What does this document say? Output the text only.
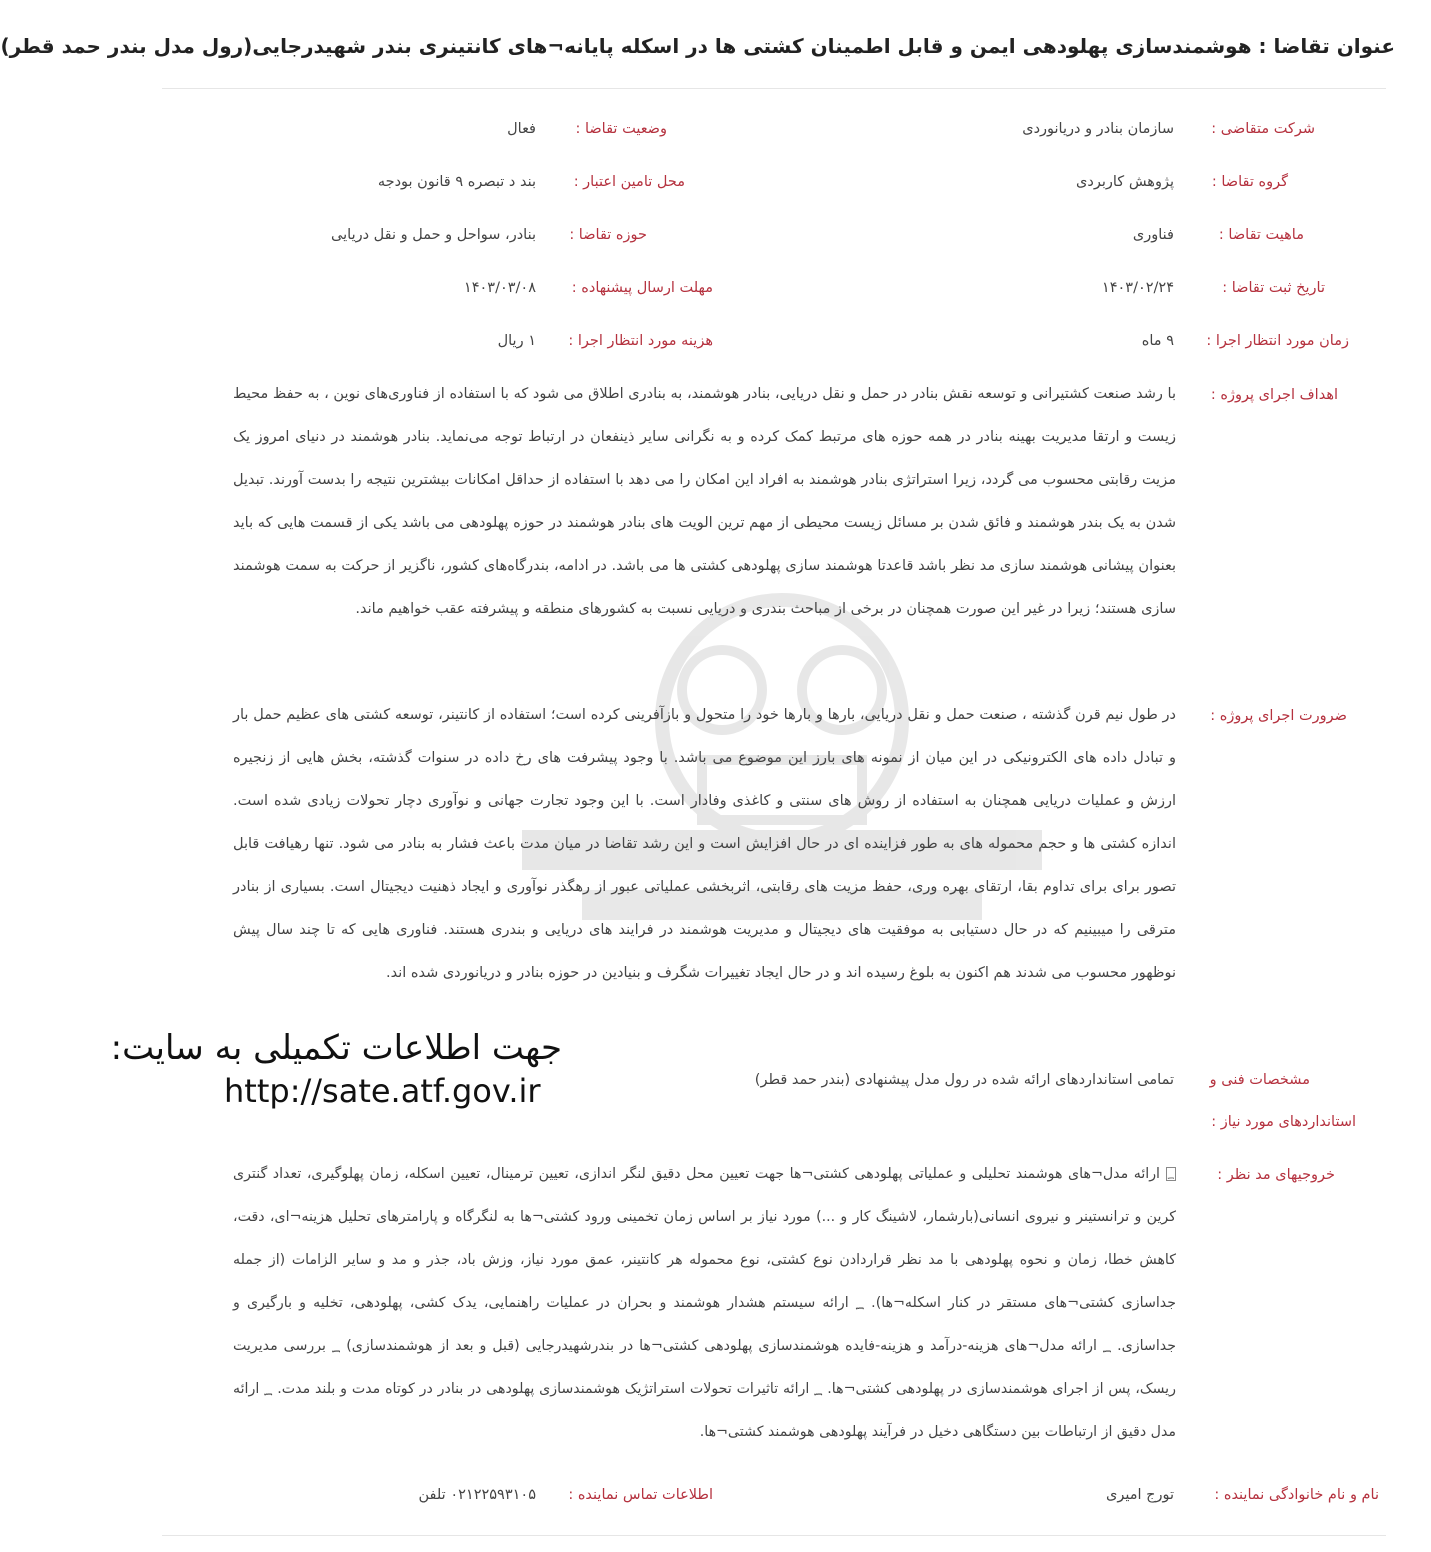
عنوان تقاضا : هوشمندسازی پهلودهی ایمن و قابل اطمینان کشتی ها در اسکله پایانه¬های کانتینری بندر شهیدرجایی(رول مدل بندر حمد قطر)
شرکت متقاضی :
سازمان بنادر و دریانوردی
وضعیت تقاضا :
فعال
گروه تقاضا :
پژوهش کاربردی
محل تامین اعتبار :
بند د تبصره ۹ قانون بودجه
ماهیت تقاضا :
فناوری
حوزه تقاضا :
بنادر، سواحل و حمل و نقل دریایی
تاریخ ثبت تقاضا :
۱۴۰۳/۰۲/۲۴
مهلت ارسال پیشنهاده :
۱۴۰۳/۰۳/۰۸
زمان مورد انتظار اجرا :
۹ ماه
هزینه مورد انتظار اجرا :
۱ ریال
اهداف اجرای پروژه :
با رشد صنعت کشتیرانی و توسعه نقش بنادر در حمل و نقل دریایی، بنادر هوشمند، به بنادری اطلاق می شود که با استفاده از فناوری‌های نوین ، به حفظ محیط زیست و ارتقا مدیریت بهینه بنادر در همه حوزه های مرتبط کمک کرده و به نگرانی سایر ذینفعان در ارتباط توجه می‌نماید. بنادر هوشمند در دنیای امروز یک مزیت رقابتی محسوب می گردد، زیرا استراتژی بنادر هوشمند به افراد این امکان را می دهد با استفاده از حداقل امکانات بیشترین نتیجه را بدست آورند. تبدیل شدن به یک بندر هوشمند و فائق شدن بر مسائل زیست محیطی از مهم ترین الویت های بنادر هوشمند در حوزه پهلودهی می باشد یکی از قسمت هایی که باید بعنوان پیشانی هوشمند سازی مد نظر باشد قاعدتا هوشمند سازی پهلودهی کشتی ها می باشد. در ادامه، بندرگاه‌های کشور، ناگزیر از حرکت به سمت هوشمند سازی هستند؛ زیرا در غیر این صورت همچنان در برخی از مباحث بندری و دریایی نسبت به کشورهای منطقه و پیشرفته عقب خواهیم ماند.
ضرورت اجرای پروژه :
در طول نیم قرن گذشته ، صنعت حمل و نقل دریایی، بارها و بارها خود را متحول و بازآفرینی کرده است؛ استفاده از کانتینر، توسعه کشتی های عظیم حمل بار و تبادل داده های الکترونیکی در این میان از نمونه های بارز این موضوع می باشد. با وجود پیشرفت های رخ داده در سنوات گذشته، بخش هایی از زنجیره ارزش و عملیات دریایی همچنان به استفاده از روش های سنتی و کاغذی وفادار است. با این وجود تجارت جهانی و نوآوری دچار تحولات زیادی شده است. اندازه کشتی ها و حجم محموله های به طور فزاینده ای در حال افزایش است و این رشد تقاضا در میان مدت باعث فشار به بنادر می شود. تنها رهیافت قابل تصور برای برای تداوم بقا، ارتقای بهره وری، حفظ مزیت های رقابتی، اثربخشی عملیاتی عبور از رهگذر نوآوری و ایجاد ذهنیت دیجیتال است. بسیاری از بنادر مترقی را میبینیم که در حال دستیابی به موفقیت های دیجیتال و مدیریت هوشمند در فرایند های دریایی و بندری هستند. فناوری هایی که تا چند سال پیش نوظهور محسوب می شدند هم اکنون به بلوغ رسیده اند و در حال ایجاد تغییرات شگرف و بنیادین در حوزه بنادر و دریانوردی شده اند.
مشخصات فنی و
استانداردهای مورد نیاز :
تمامی استانداردهای ارائه شده در رول مدل پیشنهادی (بندر حمد قطر)
جهت اطلاعات تکمیلی به سایت:
http://sate.atf.gov.ir
خروجیهای مد نظر :
؁ ارائه مدل¬های هوشمند تحلیلی و عملیاتی پهلودهی کشتی¬ها جهت تعیین محل دقیق لنگر اندازی، تعیین ترمینال، تعیین اسکله، زمان پهلوگیری، تعداد گنتری کرین و ترانستینر و نیروی انسانی(بارشمار، لاشینگ کار و ...) مورد نیاز بر اساس زمان تخمینی ورود کشتی¬ها به لنگرگاه و پارامترهای تحلیل هزینه¬ای، دقت، کاهش خطا، زمان و نحوه پهلودهی با مد نظر قراردادن نوع کشتی، نوع محموله هر کانتینر، عمق مورد نیاز، وزش باد، جذر و مد و سایر الزامات (از جمله جداسازی کشتی¬های مستقر در کنار اسکله¬ها). ؁ ارائه سیستم هشدار هوشمند و بحران در عملیات راهنمایی، یدک کشی، پهلودهی، تخلیه و بارگیری و جداسازی. ؁ ارائه مدل¬های هزینه-درآمد و هزینه-فایده هوشمندسازی پهلودهی کشتی¬ها در بندرشهیدرجایی (قبل و بعد از هوشمندسازی) ؁ بررسی مدیریت ریسک، پس از اجرای هوشمندسازی در پهلودهی کشتی¬ها. ؁ ارائه تاثیرات تحولات استراتژیک هوشمندسازی پهلودهی در بنادر در کوتاه مدت و بلند مدت. ؁ ارائه مدل دقیق از ارتباطات بین دستگاهی دخیل در فرآیند پهلودهی هوشمند کشتی¬ها.
نام و نام خانوادگی نماینده :
تورج امیری
اطلاعات تماس نماینده :
۰۲۱۲۲۵۹۳۱۰۵ تلفن
